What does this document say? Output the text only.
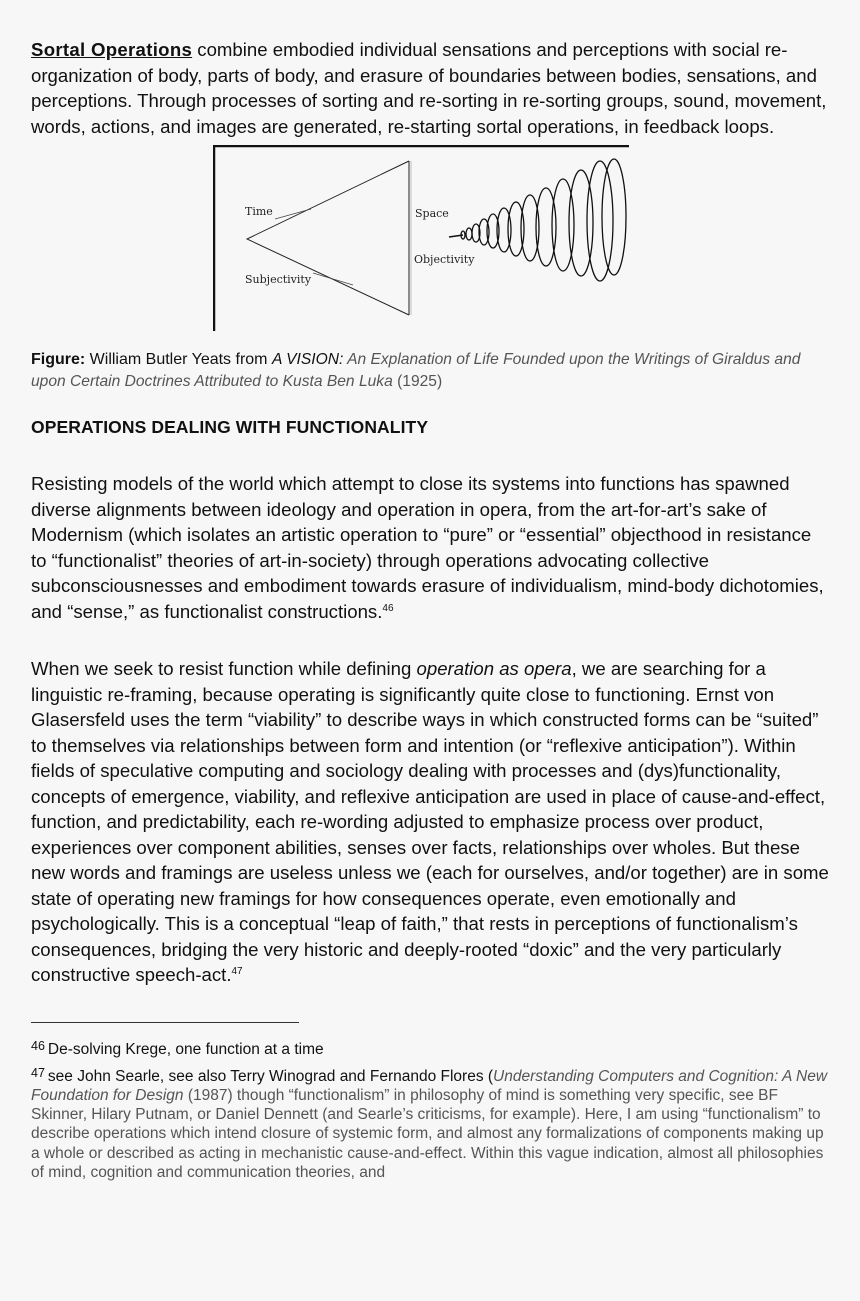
Sortal Operations combine embodied individual sensations and perceptions with social re-organization of body, parts of body, and erasure of boundaries between bodies, sensations, and perceptions. Through processes of sorting and re-sorting in re-sorting groups, sound, movement, words, actions, and images are generated, re-starting sortal operations, in feedback loops.

Time
Subjectivity
Space
Objectivity

Figure: William Butler Yeats from A VISION: An Explanation of Life Founded upon the Writings of Giraldus and upon Certain Doctrines Attributed to Kusta Ben Luka (1925)

OPERATIONS DEALING WITH FUNCTIONALITY

Resisting models of the world which attempt to close its systems into functions has spawned diverse alignments between ideology and operation in opera, from the art-for-art’s sake of Modernism (which isolates an artistic operation to “pure” or “essential” objecthood in resistance to “functionalist” theories of art-in-society) through operations advocating collective subconsciousnesses and embodiment towards erasure of individualism, mind-body dichotomies, and “sense,” as functionalist constructions.$^{46}$

When we seek to resist function while defining operation as opera, we are searching for a linguistic re-framing, because operating is significantly quite close to functioning. Ernst von Glasersfeld uses the term “viability” to describe ways in which constructed forms can be “suited” to themselves via relationships between form and intention (or “reflexive anticipation”). Within fields of speculative computing and sociology dealing with processes and (dys)functionality, concepts of emergence, viability, and reflexive anticipation are used in place of cause-and-effect, function, and predictability, each re-wording adjusted to emphasize process over product, experiences over component abilities, senses over facts, relationships over wholes. But these new words and framings are useless unless we (each for ourselves, and/or together) are in some state of operating new framings for how consequences operate, even emotionally and psychologically. This is a conceptual “leap of faith,” that rests in perceptions of functionalism’s consequences, bridging the very historic and deeply-rooted “doxic” and the very particularly constructive speech-act.$^{47}$

$^{46}$ De-solving Krege, one function at a time

$^{47}$ see John Searle, see also Terry Winograd and Fernando Flores (Understanding Computers and Cognition: A New Foundation for Design (1987) though “functionalism” in philosophy of mind is something very specific, see BF Skinner, Hilary Putnam, or Daniel Dennett (and Searle’s criticisms, for example). Here, I am using “functionalism” to describe operations which intend closure of systemic form, and almost any formalizations of components making up a whole or described as acting in mechanistic cause-and-effect. Within this vague indication, almost all philosophies of mind, cognition and communication theories, and
